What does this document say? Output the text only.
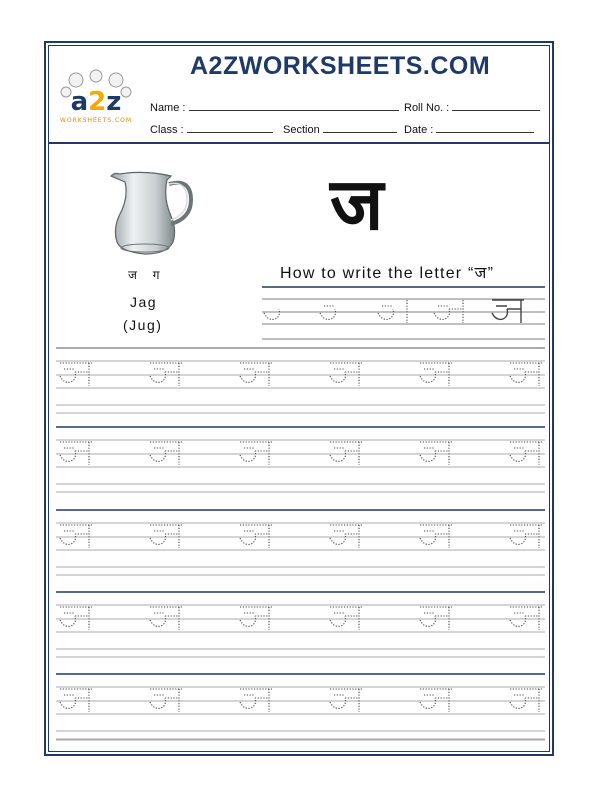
a2z
WORKSHEETS.COM
A2ZWORKSHEETS.COM
Name :	Roll No. :
Class :	Section	Date :
ज
ज ग
Jag
(Jug)
How to write the letter “ज”
